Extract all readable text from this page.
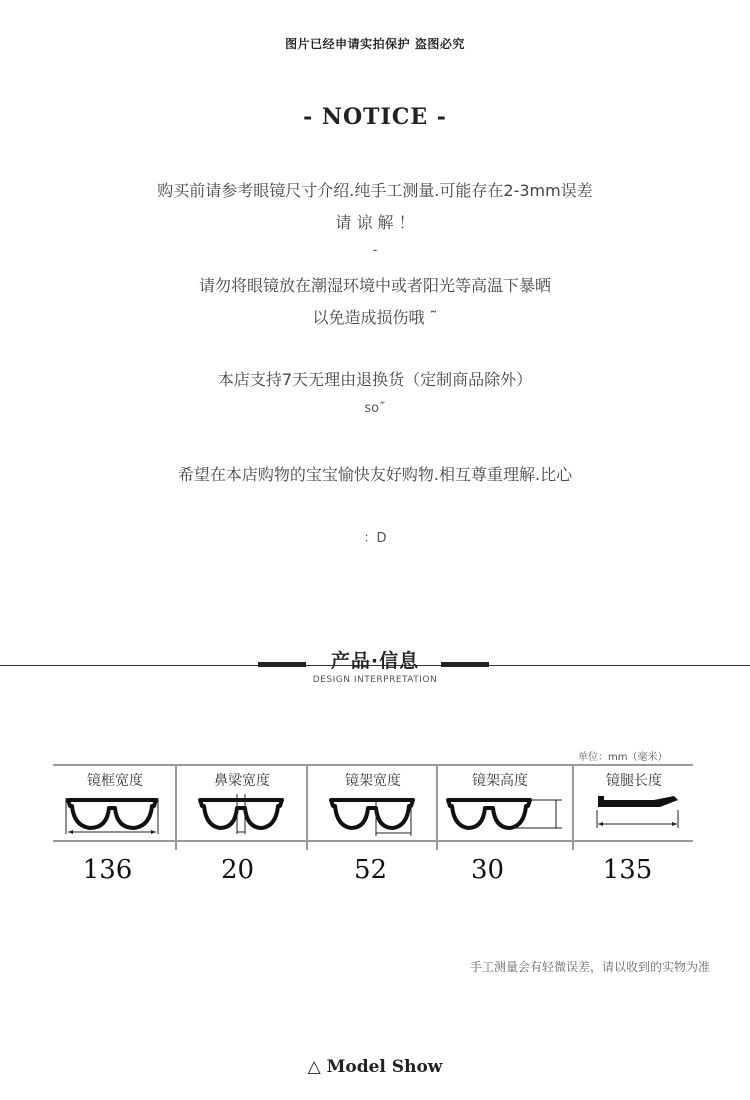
图片已经申请实拍保护 盗图必究
- NOTICE -
购买前请参考眼镜尺寸介绍.纯手工测量.可能存在2-3mm误差
请 谅 解 ！
-
请勿将眼镜放在潮湿环境中或者阳光等高温下暴晒
以免造成损伤哦 ˜
本店支持7天无理由退换货（定制商品除外）
so˜
希望在本店购物的宝宝愉快友好购物.相互尊重理解.比心
：D
产品·信息
DESIGN INTERPRETATION
单位：mm（毫米）
镜框宽度
136
鼻梁宽度
20
镜架宽度
52
镜架高度
30
镜腿长度
135
手工测量会有轻微误差，请以收到的实物为准
△ Model Show
